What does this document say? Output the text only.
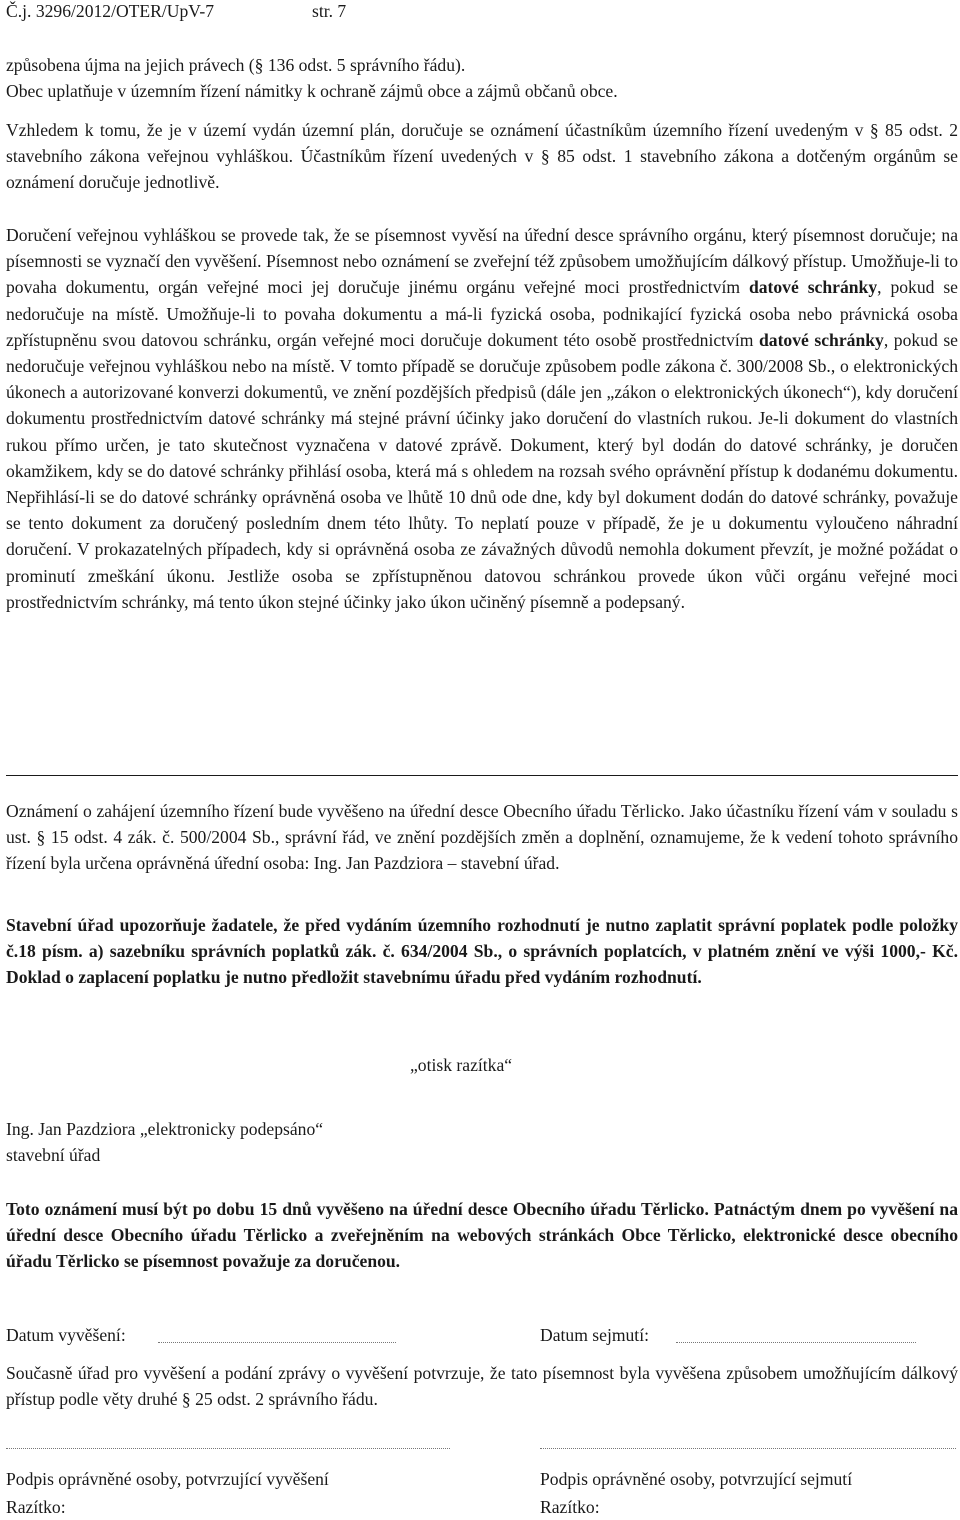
Č.j. 3296/2012/OTER/UpV-7	str. 7

způsobena újma na jejich právech (§ 136 odst. 5 správního řádu).
Obec uplatňuje v územním řízení námitky k ochraně zájmů obce a zájmů občanů obce.

Vzhledem k tomu, že je v území vydán územní plán, doručuje se oznámení účastníkům územního řízení uvedeným v § 85 odst. 2 stavebního zákona veřejnou vyhláškou. Účastníkům řízení uvedených v § 85 odst. 1 stavebního zákona a dotčeným orgánům se oznámení doručuje jednotlivě.

Doručení veřejnou vyhláškou se provede tak, že se písemnost vyvěsí na úřední desce správního orgánu, který písemnost doručuje; na písemnosti se vyznačí den vyvěšení. Písemnost nebo oznámení se zveřejní též způsobem umožňujícím dálkový přístup. Umožňuje-li to povaha dokumentu, orgán veřejné moci jej doručuje jinému orgánu veřejné moci prostřednictvím datové schránky, pokud se nedoručuje na místě. Umožňuje-li to povaha dokumentu a má-li fyzická osoba, podnikající fyzická osoba nebo právnická osoba zpřístupněnu svou datovou schránku, orgán veřejné moci doručuje dokument této osobě prostřednictvím datové schránky, pokud se nedoručuje veřejnou vyhláškou nebo na místě. V tomto případě se doručuje způsobem podle zákona č. 300/2008 Sb., o elektronických úkonech a autorizované konverzi dokumentů, ve znění pozdějších předpisů (dále jen „zákon o elektronických úkonech“), kdy doručení dokumentu prostřednictvím datové schránky má stejné právní účinky jako doručení do vlastních rukou. Je-li dokument do vlastních rukou přímo určen, je tato skutečnost vyznačena v datové zprávě. Dokument, který byl dodán do datové schránky, je doručen okamžikem, kdy se do datové schránky přihlásí osoba, která má s ohledem na rozsah svého oprávnění přístup k dodanému dokumentu. Nepřihlásí-li se do datové schránky oprávněná osoba ve lhůtě 10 dnů ode dne, kdy byl dokument dodán do datové schránky, považuje se tento dokument za doručený posledním dnem této lhůty. To neplatí pouze v případě, že je u dokumentu vyloučeno náhradní doručení. V prokazatelných případech, kdy si oprávněná osoba ze závažných důvodů nemohla dokument převzít, je možné požádat o prominutí zmeškání úkonu. Jestliže osoba se zpřístupněnou datovou schránkou provede úkon vůči orgánu veřejné moci prostřednictvím schránky, má tento úkon stejné účinky jako úkon učiněný písemně a podepsaný.

Oznámení o zahájení územního řízení bude vyvěšeno na úřední desce Obecního úřadu Těrlicko. Jako účastníku řízení vám v souladu s ust. § 15 odst. 4 zák. č. 500/2004 Sb., správní řád, ve znění pozdějších změn a doplnění, oznamujeme, že k vedení tohoto správního řízení byla určena oprávněná úřední osoba: Ing. Jan Pazdziora – stavební úřad.

Stavební úřad upozorňuje žadatele, že před vydáním územního rozhodnutí je nutno zaplatit správní poplatek podle položky č.18 písm. a) sazebníku správních poplatků zák. č. 634/2004 Sb., o správních poplatcích, v platném znění ve výši 1000,- Kč. Doklad o zaplacení poplatku je nutno předložit stavebnímu úřadu před vydáním rozhodnutí.

„otisk razítka“
Ing. Jan Pazdziora „elektronicky podepsáno“
stavební úřad

Toto oznámení musí být po dobu 15 dnů vyvěšeno na úřední desce Obecního úřadu Těrlicko. Patnáctým dnem po vyvěšení na úřední desce Obecního úřadu Těrlicko a zveřejněním na webových stránkách Obce Těrlicko, elektronické desce obecního úřadu Těrlicko se písemnost považuje za doručenou.

Datum vyvěšení:	Datum sejmutí:

Současně úřad pro vyvěšení a podání zprávy o vyvěšení potvrzuje, že tato písemnost byla vyvěšena způsobem umožňujícím dálkový přístup podle věty druhé § 25 odst. 2 správního řádu.

Podpis oprávněné osoby, potvrzující vyvěšení	Podpis oprávněné osoby, potvrzující sejmutí
Razítko:	Razítko:
